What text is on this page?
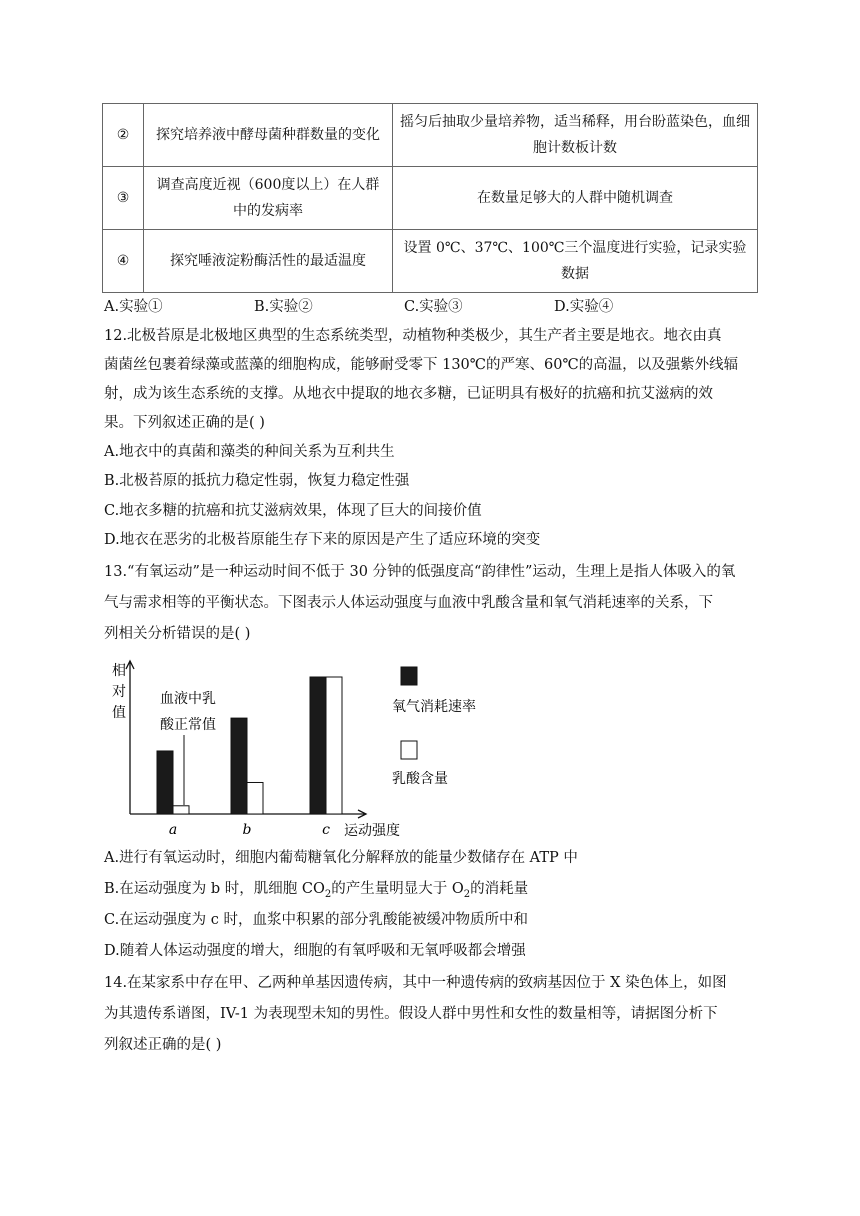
②	探究培养液中酵母菌种群数量的变化	摇匀后抽取少量培养物，适当稀释，用台盼蓝染色，血细胞计数板计数
③	调查高度近视（600度以上）在人群中的发病率	在数量足够大的人群中随机调查
④	探究唾液淀粉酶活性的最适温度	设置 0℃、37℃、100℃三个温度进行实验，记录实验数据
A.实验①	B.实验②	C.实验③	D.实验④
12.北极苔原是北极地区典型的生态系统类型，动植物种类极少，其生产者主要是地衣。地衣由真
菌菌丝包裹着绿藻或蓝藻的细胞构成，能够耐受零下 130℃的严寒、60℃的高温，以及强紫外线辐
射，成为该生态系统的支撑。从地衣中提取的地衣多糖，已证明具有极好的抗癌和抗艾滋病的效
果。下列叙述正确的是( )
A.地衣中的真菌和藻类的种间关系为互利共生
B.北极苔原的抵抗力稳定性弱，恢复力稳定性强
C.地衣多糖的抗癌和抗艾滋病效果，体现了巨大的间接价值
D.地衣在恶劣的北极苔原能生存下来的原因是产生了适应环境的突变
13.“有氧运动”是一种运动时间不低于 30 分钟的低强度高“韵律性”运动，生理上是指人体吸入的氧
气与需求相等的平衡状态。下图表示人体运动强度与血液中乳酸含量和氧气消耗速率的关系，下
列相关分析错误的是( )
相
对
值
a	b	c 运动强度
血液中乳
酸正常值
氧气消耗速率
乳酸含量
A.进行有氧运动时，细胞内葡萄糖氧化分解释放的能量少数储存在 ATP 中
B.在运动强度为 b 时，肌细胞 $CO_2$的产生量明显大于 $O_2$的消耗量
C.在运动强度为 c 时，血浆中积累的部分乳酸能被缓冲物质所中和
D.随着人体运动强度的增大，细胞的有氧呼吸和无氧呼吸都会增强
14.在某家系中存在甲、乙两种单基因遗传病，其中一种遗传病的致病基因位于 X 染色体上，如图
为其遗传系谱图，IV-1 为表现型未知的男性。假设人群中男性和女性的数量相等，请据图分析下
列叙述正确的是( )
